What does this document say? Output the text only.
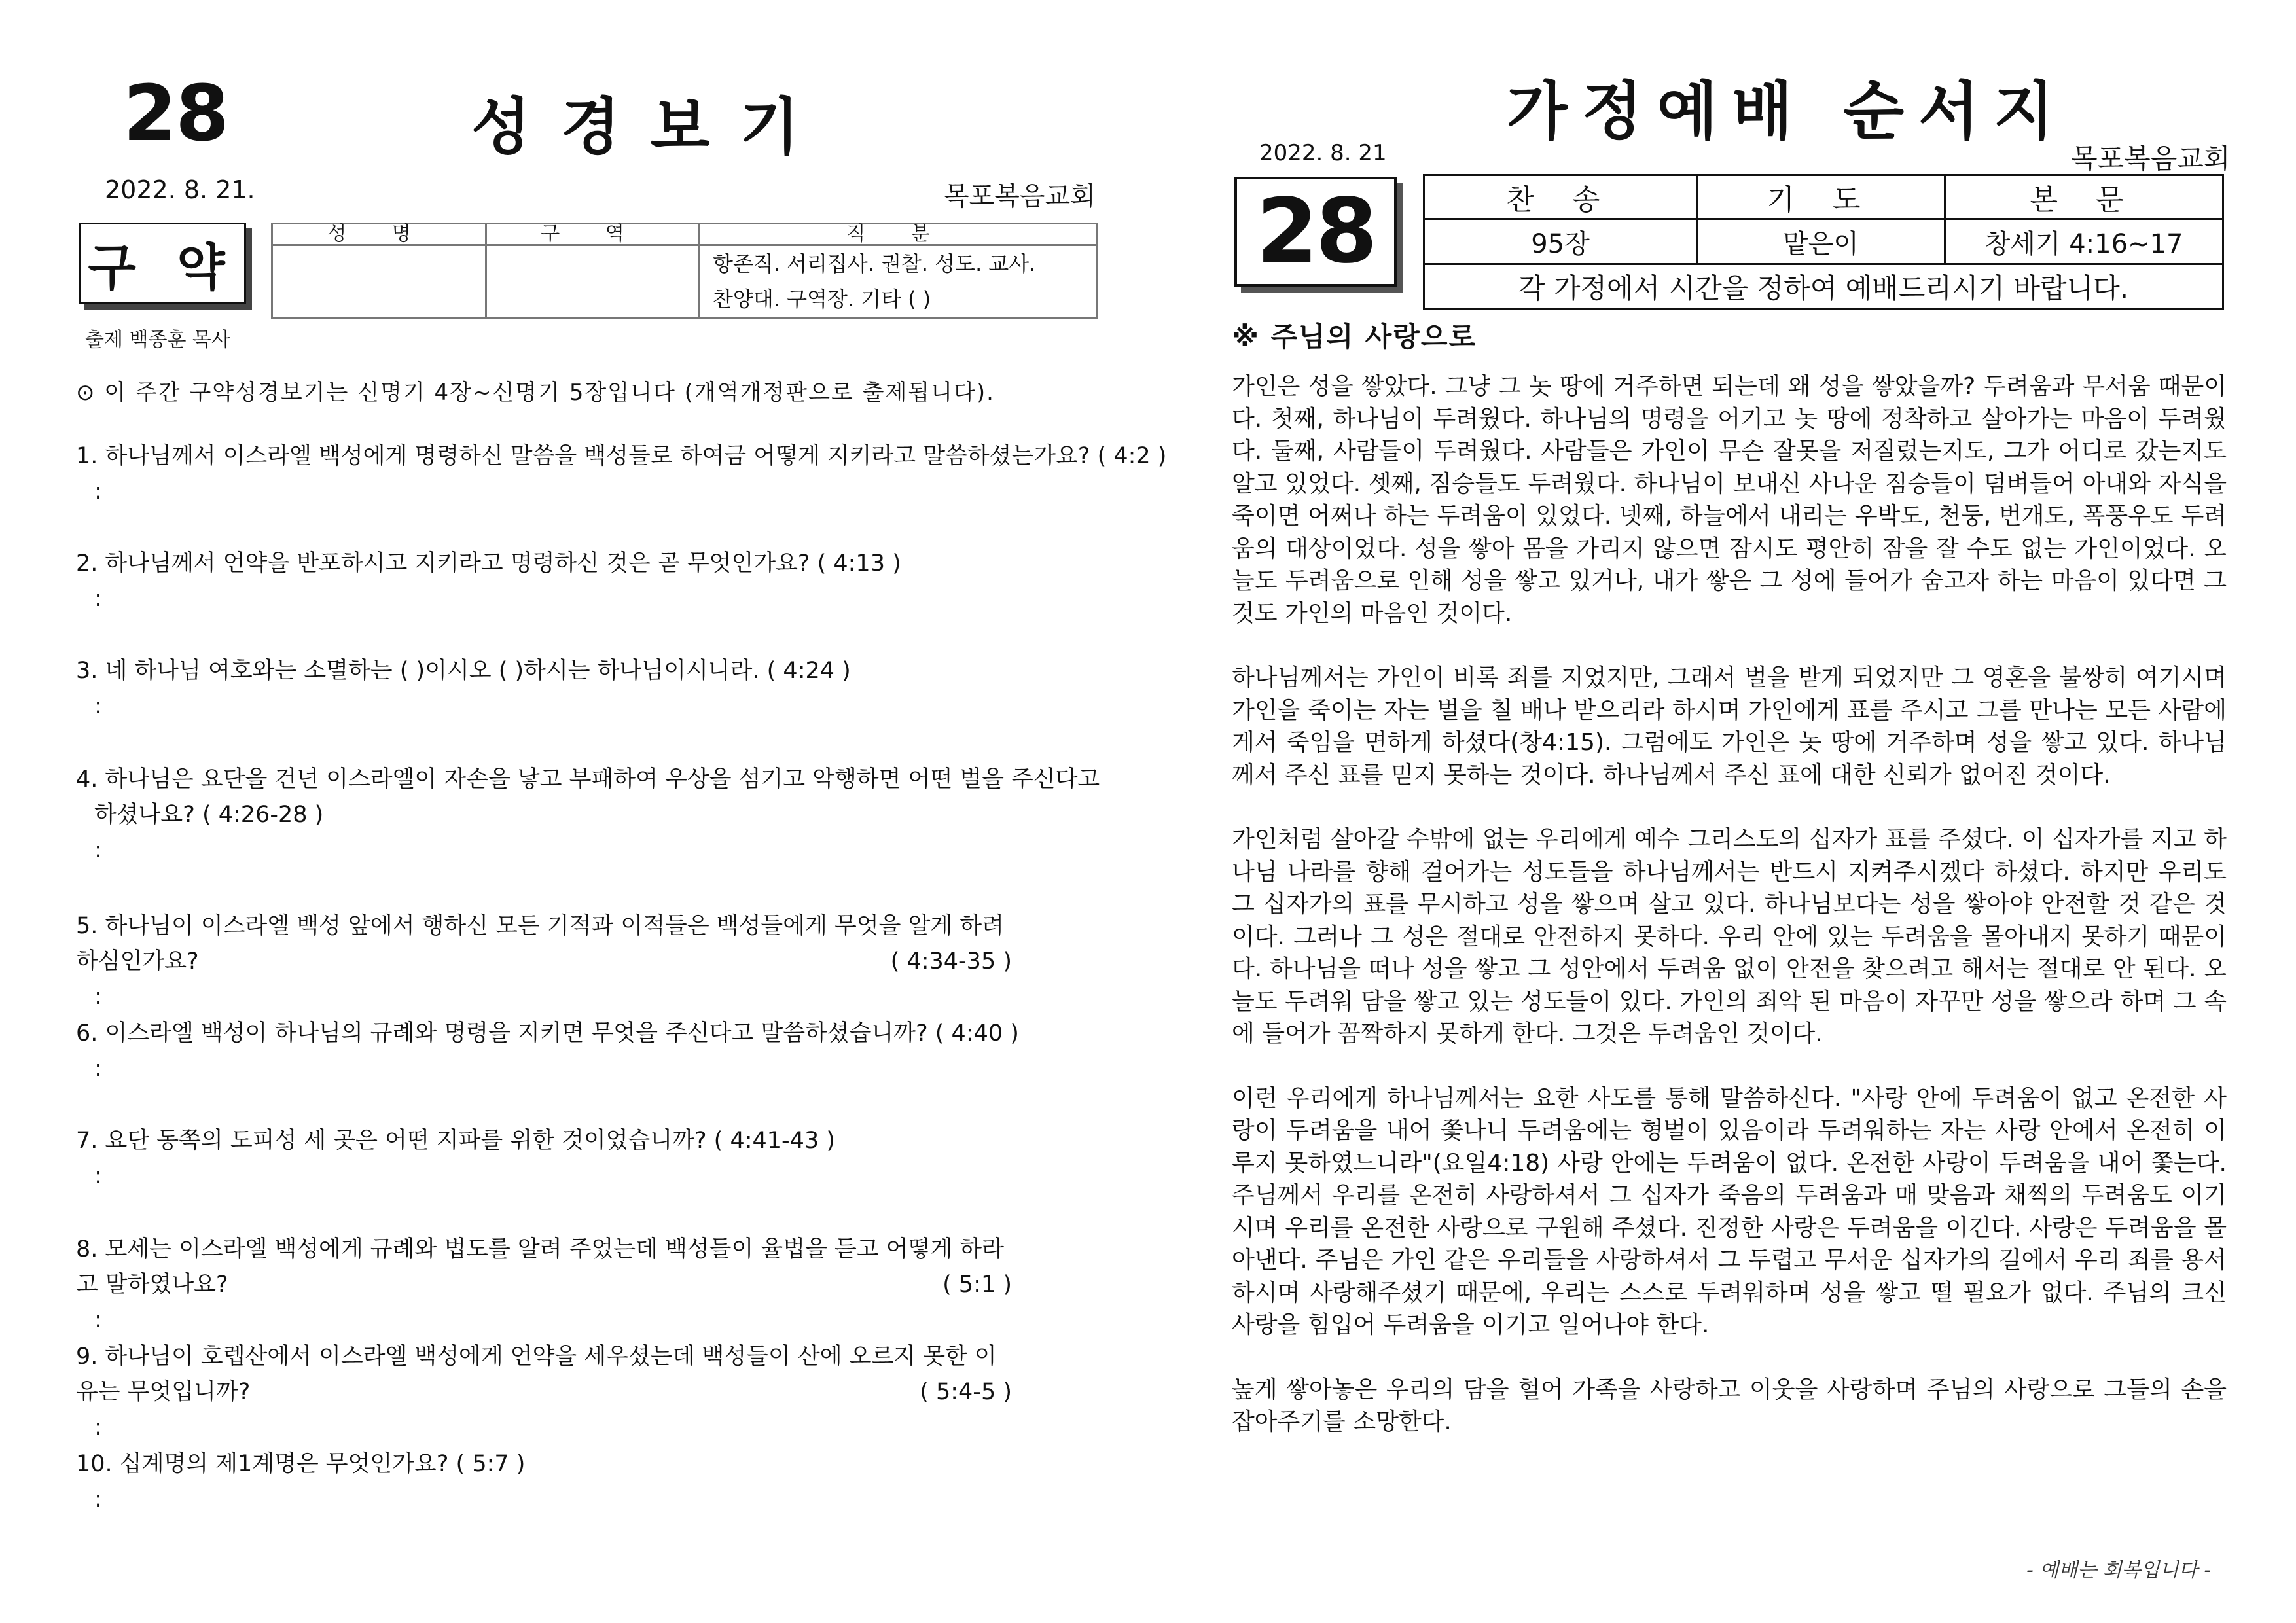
28	성경보기
2022. 8. 21.	목포복음교회
구 약
출제 백종훈 목사
성 명	구 역	직 분

		항존직. 서리집사. 권찰. 성도. 교사.
찬양대. 구역장. 기타 ( )
⊙ 이 주간 구약성경보기는 신명기 4장~신명기 5장입니다 (개역개정판으로 출제됩니다).
1. 하나님께서 이스라엘 백성에게 명령하신 말씀을 백성들로 하여금 어떻게 지키라고 말씀하셨는가요? ( 4:2 )
:
2. 하나님께서 언약을 반포하시고 지키라고 명령하신 것은 곧 무엇인가요? ( 4:13 )
:
3. 네 하나님 여호와는 소멸하는 ( )이시오 ( )하시는 하나님이시니라. ( 4:24 )
:
4. 하나님은 요단을 건넌 이스라엘이 자손을 낳고 부패하여 우상을 섬기고 악행하면 어떤 벌을 주신다고
하셨나요? ( 4:26-28 )
:
5. 하나님이 이스라엘 백성 앞에서 행하신 모든 기적과 이적들은 백성들에게 무엇을 알게 하려 하심인가요?
:
( 4:34-35 )
6. 이스라엘 백성이 하나님의 규례와 명령을 지키면 무엇을 주신다고 말씀하셨습니까? ( 4:40 )
:
7. 요단 동쪽의 도피성 세 곳은 어떤 지파를 위한 것이었습니까? ( 4:41-43 )
:
8. 모세는 이스라엘 백성에게 규례와 법도를 알려 주었는데 백성들이 율법을 듣고 어떻게 하라고 말하였나요?
:
( 5:1 )
9. 하나님이 호렙산에서 이스라엘 백성에게 언약을 세우셨는데 백성들이 산에 오르지 못한 이유는 무엇입니까?
:
( 5:4-5 )
10. 십계명의 제1계명은 무엇인가요? ( 5:7 )
:
가정예배 순서지
2022. 8. 21	목포복음교회
28	찬 송	기 도	본 문
95장	맡은이	창세기 4:16~17
각 가정에서 시간을 정하여 예배드리시기 바랍니다.		
※ 주님의 사랑으로

가인은 성을 쌓았다. 그냥 그 놋 땅에 거주하면 되는데 왜 성을 쌓았을까? 두려움과 무서움 때문이다. 첫째, 하나님이 두려웠다. 하나님의 명령을 어기고 놋 땅에 정착하고 살아가는 마음이 두려웠다. 둘째, 사람들이 두려웠다. 사람들은 가인이 무슨 잘못을 저질렀는지도, 그가 어디로 갔는지도 알고 있었다. 셋째, 짐승들도 두려웠다. 하나님이 보내신 사나운 짐승들이 덤벼들어 아내와 자식을 죽이면 어쩌나 하는 두려움이 있었다. 넷째, 하늘에서 내리는 우박도, 천둥, 번개도, 폭풍우도 두려움의 대상이었다. 성을 쌓아 몸을 가리지 않으면 잠시도 평안히 잠을 잘 수도 없는 가인이었다. 오늘도 두려움으로 인해 성을 쌓고 있거나, 내가 쌓은 그 성에 들어가 숨고자 하는 마음이 있다면 그것도 가인의 마음인 것이다.

하나님께서는 가인이 비록 죄를 지었지만, 그래서 벌을 받게 되었지만 그 영혼을 불쌍히 여기시며 가인을 죽이는 자는 벌을 칠 배나 받으리라 하시며 가인에게 표를 주시고 그를 만나는 모든 사람에게서 죽임을 면하게 하셨다(창4:15). 그럼에도 가인은 놋 땅에 거주하며 성을 쌓고 있다. 하나님께서 주신 표를 믿지 못하는 것이다. 하나님께서 주신 표에 대한 신뢰가 없어진 것이다.

가인처럼 살아갈 수밖에 없는 우리에게 예수 그리스도의 십자가 표를 주셨다. 이 십자가를 지고 하나님 나라를 향해 걸어가는 성도들을 하나님께서는 반드시 지켜주시겠다 하셨다. 하지만 우리도 그 십자가의 표를 무시하고 성을 쌓으며 살고 있다. 하나님보다는 성을 쌓아야 안전할 것 같은 것이다. 그러나 그 성은 절대로 안전하지 못하다. 우리 안에 있는 두려움을 몰아내지 못하기 때문이다. 하나님을 떠나 성을 쌓고 그 성안에서 두려움 없이 안전을 찾으려고 해서는 절대로 안 된다. 오늘도 두려워 담을 쌓고 있는 성도들이 있다. 가인의 죄악 된 마음이 자꾸만 성을 쌓으라 하며 그 속에 들어가 꼼짝하지 못하게 한다. 그것은 두려움인 것이다.

이런 우리에게 하나님께서는 요한 사도를 통해 말씀하신다. "사랑 안에 두려움이 없고 온전한 사랑이 두려움을 내어 쫓나니 두려움에는 형벌이 있음이라 두려워하는 자는 사랑 안에서 온전히 이루지 못하였느니라"(요일4:18) 사랑 안에는 두려움이 없다. 온전한 사랑이 두려움을 내어 쫓는다. 주님께서 우리를 온전히 사랑하셔서 그 십자가 죽음의 두려움과 매 맞음과 채찍의 두려움도 이기시며 우리를 온전한 사랑으로 구원해 주셨다. 진정한 사랑은 두려움을 이긴다. 사랑은 두려움을 몰아낸다. 주님은 가인 같은 우리들을 사랑하셔서 그 두렵고 무서운 십자가의 길에서 우리 죄를 용서하시며 사랑해주셨기 때문에, 우리는 스스로 두려워하며 성을 쌓고 떨 필요가 없다. 주님의 크신 사랑을 힘입어 두려움을 이기고 일어나야 한다.

높게 쌓아놓은 우리의 담을 헐어 가족을 사랑하고 이웃을 사랑하며 주님의 사랑으로 그들의 손을 잡아주기를 소망한다.

- 예배는 회복입니다 -
